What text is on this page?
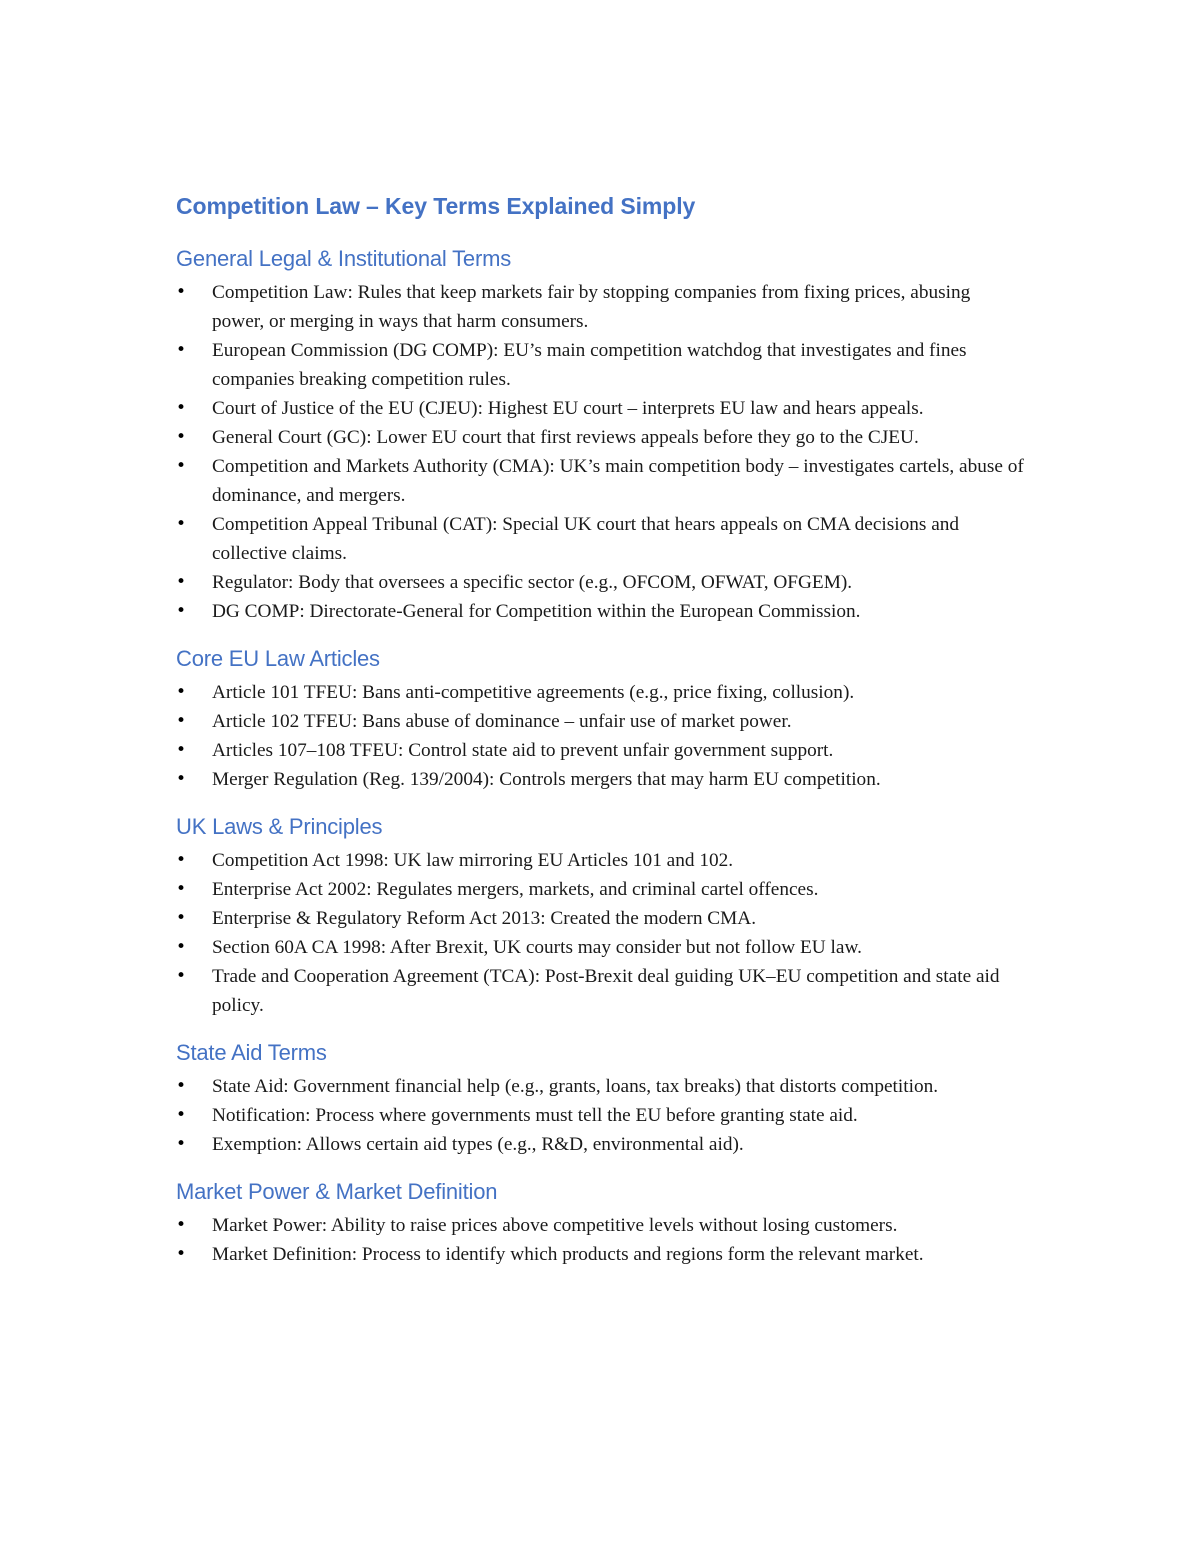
Competition Law – Key Terms Explained Simply
General Legal & Institutional Terms
• Competition Law: Rules that keep markets fair by stopping companies from fixing prices, abusing power, or merging in ways that harm consumers.
• European Commission (DG COMP): EU’s main competition watchdog that investigates and fines companies breaking competition rules.
• Court of Justice of the EU (CJEU): Highest EU court – interprets EU law and hears appeals.
• General Court (GC): Lower EU court that first reviews appeals before they go to the CJEU.
• Competition and Markets Authority (CMA): UK’s main competition body – investigates cartels, abuse of dominance, and mergers.
• Competition Appeal Tribunal (CAT): Special UK court that hears appeals on CMA decisions and collective claims.
• Regulator: Body that oversees a specific sector (e.g., OFCOM, OFWAT, OFGEM).
• DG COMP: Directorate-General for Competition within the European Commission.
Core EU Law Articles
• Article 101 TFEU: Bans anti-competitive agreements (e.g., price fixing, collusion).
• Article 102 TFEU: Bans abuse of dominance – unfair use of market power.
• Articles 107–108 TFEU: Control state aid to prevent unfair government support.
• Merger Regulation (Reg. 139/2004): Controls mergers that may harm EU competition.
UK Laws & Principles
• Competition Act 1998: UK law mirroring EU Articles 101 and 102.
• Enterprise Act 2002: Regulates mergers, markets, and criminal cartel offences.
• Enterprise & Regulatory Reform Act 2013: Created the modern CMA.
• Section 60A CA 1998: After Brexit, UK courts may consider but not follow EU law.
• Trade and Cooperation Agreement (TCA): Post-Brexit deal guiding UK–EU competition and state aid policy.
State Aid Terms
• State Aid: Government financial help (e.g., grants, loans, tax breaks) that distorts competition.
• Notification: Process where governments must tell the EU before granting state aid.
• Exemption: Allows certain aid types (e.g., R&D, environmental aid).
Market Power & Market Definition
• Market Power: Ability to raise prices above competitive levels without losing customers.
• Market Definition: Process to identify which products and regions form the relevant market.
